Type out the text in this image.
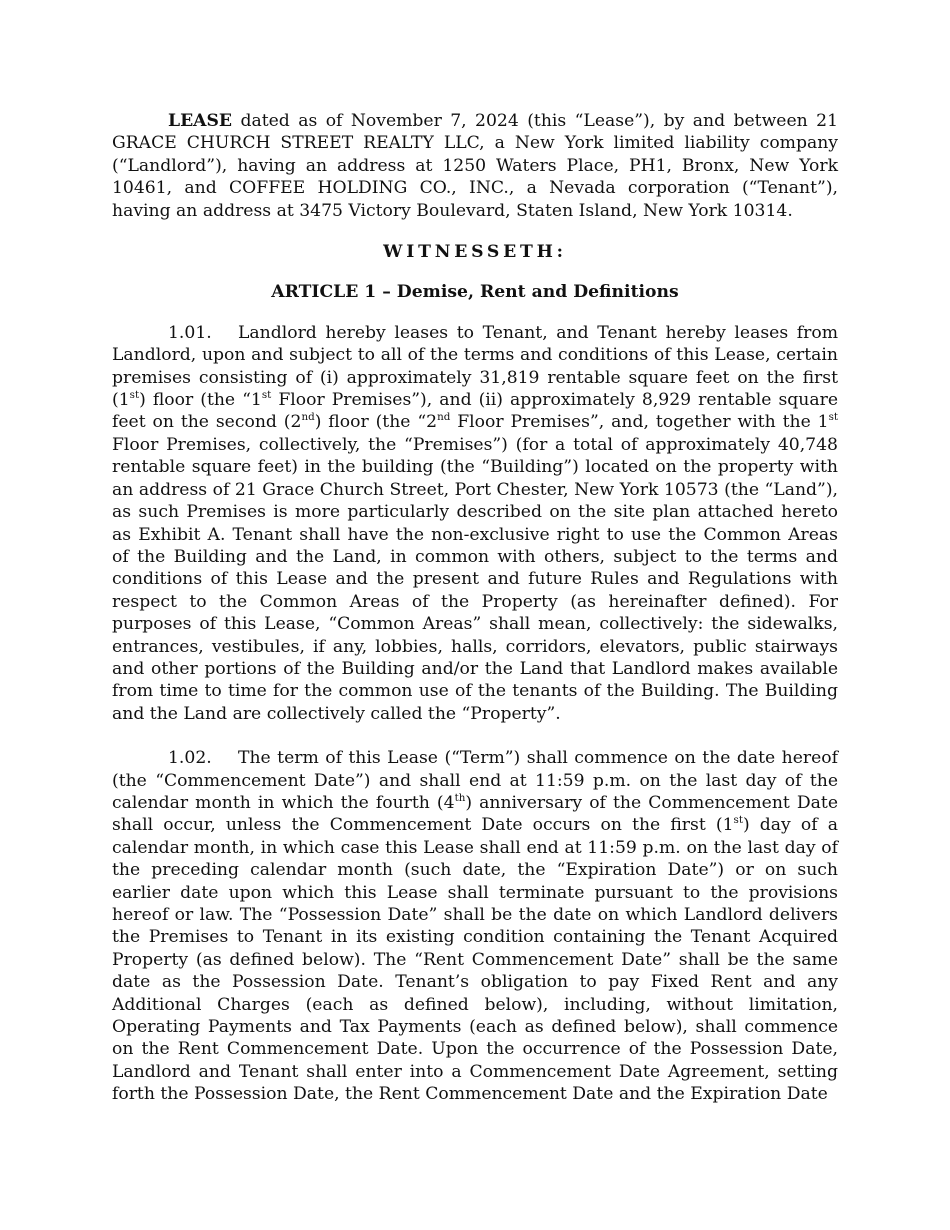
LEASE dated as of November 7, 2024 (this “Lease”), by and between 21 GRACE CHURCH STREET REALTY LLC, a New York limited liability company (“Landlord”), having an address at 1250 Waters Place, PH1, Bronx, New York 10461, and COFFEE HOLDING CO., INC., a Nevada corporation (“Tenant”), having an address at 3475 Victory Boulevard, Staten Island, New York 10314.

WITNESSETH:

ARTICLE 1 – Demise, Rent and Definitions

1.01. Landlord hereby leases to Tenant, and Tenant hereby leases from Landlord, upon and subject to all of the terms and conditions of this Lease, certain premises consisting of (i) approximately 31,819 rentable square feet on the first (1st) floor (the “1st Floor Premises”), and (ii) approximately 8,929 rentable square feet on the second (2nd) floor (the “2nd Floor Premises”, and, together with the 1st Floor Premises, collectively, the “Premises”) (for a total of approximately 40,748 rentable square feet) in the building (the “Building”) located on the property with an address of 21 Grace Church Street, Port Chester, New York 10573 (the “Land”), as such Premises is more particularly described on the site plan attached hereto as Exhibit A. Tenant shall have the non-exclusive right to use the Common Areas of the Building and the Land, in common with others, subject to the terms and conditions of this Lease and the present and future Rules and Regulations with respect to the Common Areas of the Property (as hereinafter defined). For purposes of this Lease, “Common Areas” shall mean, collectively: the sidewalks, entrances, vestibules, if any, lobbies, halls, corridors, elevators, public stairways and other portions of the Building and/or the Land that Landlord makes available from time to time for the common use of the tenants of the Building. The Building and the Land are collectively called the “Property”.

1.02. The term of this Lease (“Term”) shall commence on the date hereof (the “Commencement Date”) and shall end at 11:59 p.m. on the last day of the calendar month in which the fourth (4th) anniversary of the Commencement Date shall occur, unless the Commencement Date occurs on the first (1st) day of a calendar month, in which case this Lease shall end at 11:59 p.m. on the last day of the preceding calendar month (such date, the “Expiration Date”) or on such earlier date upon which this Lease shall terminate pursuant to the provisions hereof or law. The “Possession Date” shall be the date on which Landlord delivers the Premises to Tenant in its existing condition containing the Tenant Acquired Property (as defined below). The “Rent Commencement Date” shall be the same date as the Possession Date. Tenant’s obligation to pay Fixed Rent and any Additional Charges (each as defined below), including, without limitation, Operating Payments and Tax Payments (each as defined below), shall commence on the Rent Commencement Date. Upon the occurrence of the Possession Date, Landlord and Tenant shall enter into a Commencement Date Agreement, setting forth the Possession Date, the Rent Commencement Date and the Expiration Date
